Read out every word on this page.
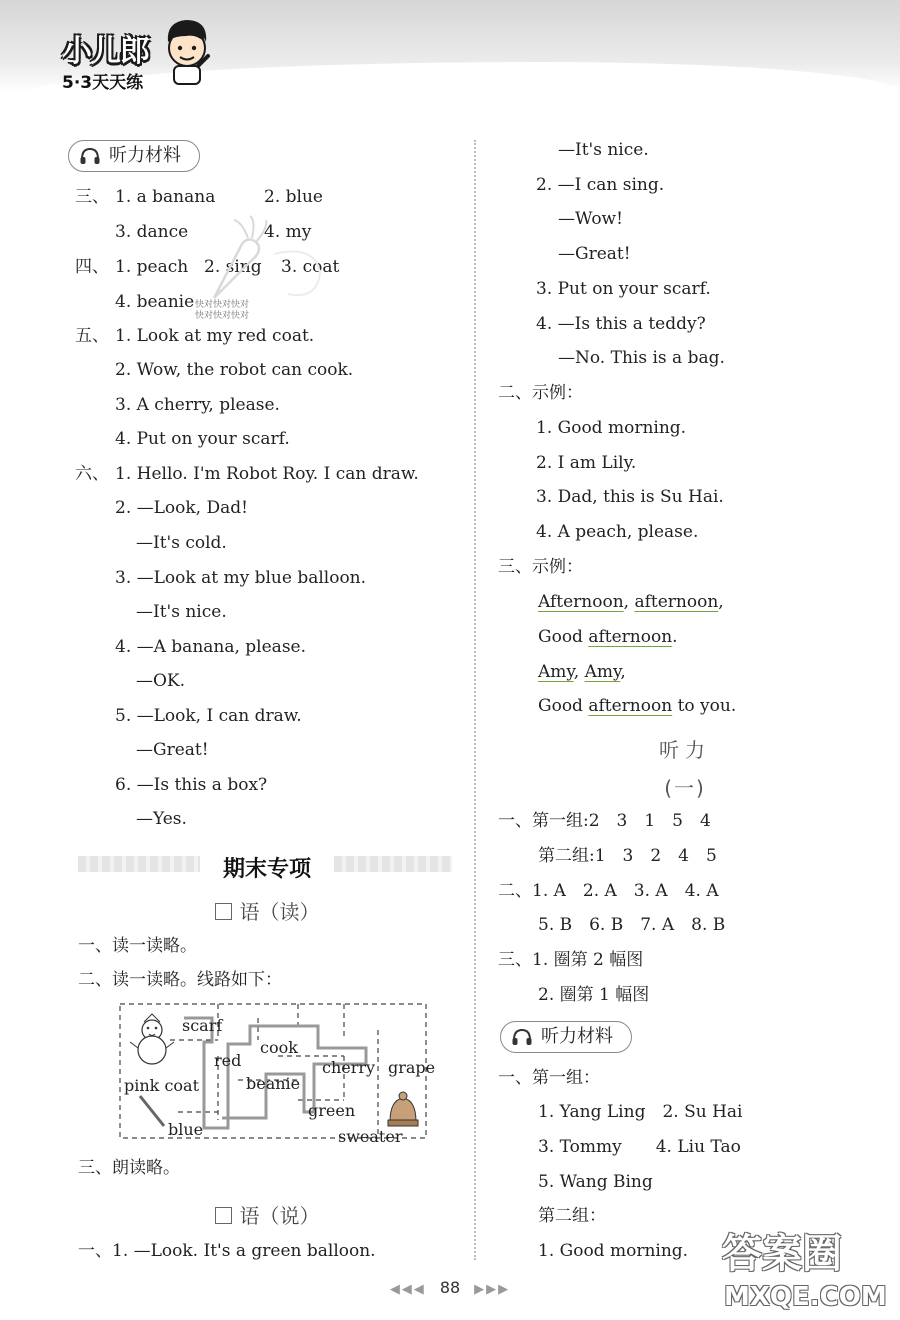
小儿郎
5·3天天练
听力材料
三、 1. a banana	2. blue
3. dance	4. my
四、 1. peach 2. sing 3. coat
4. beanie 快对快对快对
快对快对快对
五、 1. Look at my red coat.
2. Wow, the robot can cook.
3. A cherry, please.
4. Put on your scarf.
六、 1. Hello. I'm Robot Roy. I can draw.
2. —Look, Dad!
—It's cold.
3. —Look at my blue balloon.
—It's nice.
4. —A banana, please.
—OK.
5. —Look, I can draw.
—Great!
6. —Is this a box?
—Yes.
期末专项
语（读）
一、读一读略。
二、读一读略。线路如下：
scarf
cook
red	cherry grape
pink coat	beanie
green
blue	sweater
三、朗读略。
语（说）
一、1. —Look. It's a green balloon.
—It's nice.
2. —I can sing.
—Wow!
—Great!
3. Put on your scarf.
4. —Is this a teddy?
—No. This is a bag.
二、示例：
1. Good morning.
2. I am Lily.
3. Dad, this is Su Hai.
4. A peach, please.
三、示例：
Afternoon, afternoon,
Good afternoon.
Amy, Amy,
Good afternoon to you.
听力
(一)
一、第一组:2　3　1　5　4
第二组:1　3　2　4　5
二、1. A　2. A　3. A　4. A
5. B　6. B　7. A　8. B
三、1. 圈第 2 幅图
2. 圈第 1 幅图
听力材料
一、第一组：
1. Yang Ling　2. Su Hai
3. Tommy　　4. Liu Tao
5. Wang Bing
第二组：
1. Good morning.
◀◀◀ 88 ▶▶▶
答案圈
MXQE.COM
